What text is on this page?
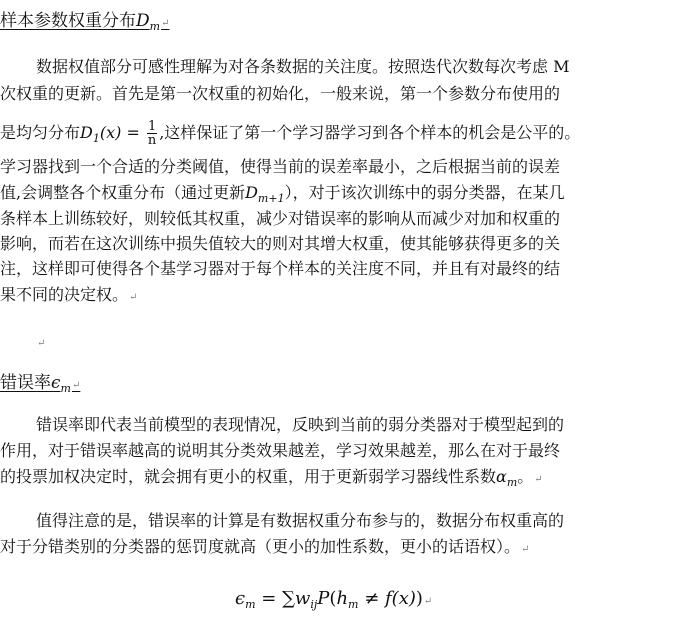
样本参数权重分布$D_m↵$
数据权值部分可感性理解为对各条数据的关注度。按照迭代次数每次考虑 M
次权重的更新。首先是第一次权重的初始化，一般来说，第一个参数分布使用的
是均匀分布$D_1(x) = \frac{1}{n}$ ,这样保证了第一个学习器学习到各个样本的机会是公平的。
学习器找到一个合适的分类阈值，使得当前的误差率最小，之后根据当前的误差
值,会调整各个权重分布（通过更新$D_{m+1}$），对于该次训练中的弱分类器，在某几
条样本上训练较好，则较低其权重，减少对错误率的影响从而减少对加和权重的
影响，而若在这次训练中损失值较大的则对其增大权重，使其能够获得更多的关
注，这样即可使得各个基学习器对于每个样本的关注度不同，并且有对最终的结
果不同的决定权。↵
↵
错误率$\epsilon_m↵$
错误率即代表当前模型的表现情况，反映到当前的弱分类器对于模型起到的
作用，对于错误率越高的说明其分类效果越差，学习效果越差，那么在对于最终
的投票加权决定时，就会拥有更小的权重，用于更新弱学习器线性系数$\alpha_m$。↵
值得注意的是，错误率的计算是有数据权重分布参与的，数据分布权重高的
对于分错类别的分类器的惩罚度就高（更小的加性系数，更小的话语权）。↵
$\epsilon_m = \sum w_{ij}P(h_m$ ≠ f(x))↵
